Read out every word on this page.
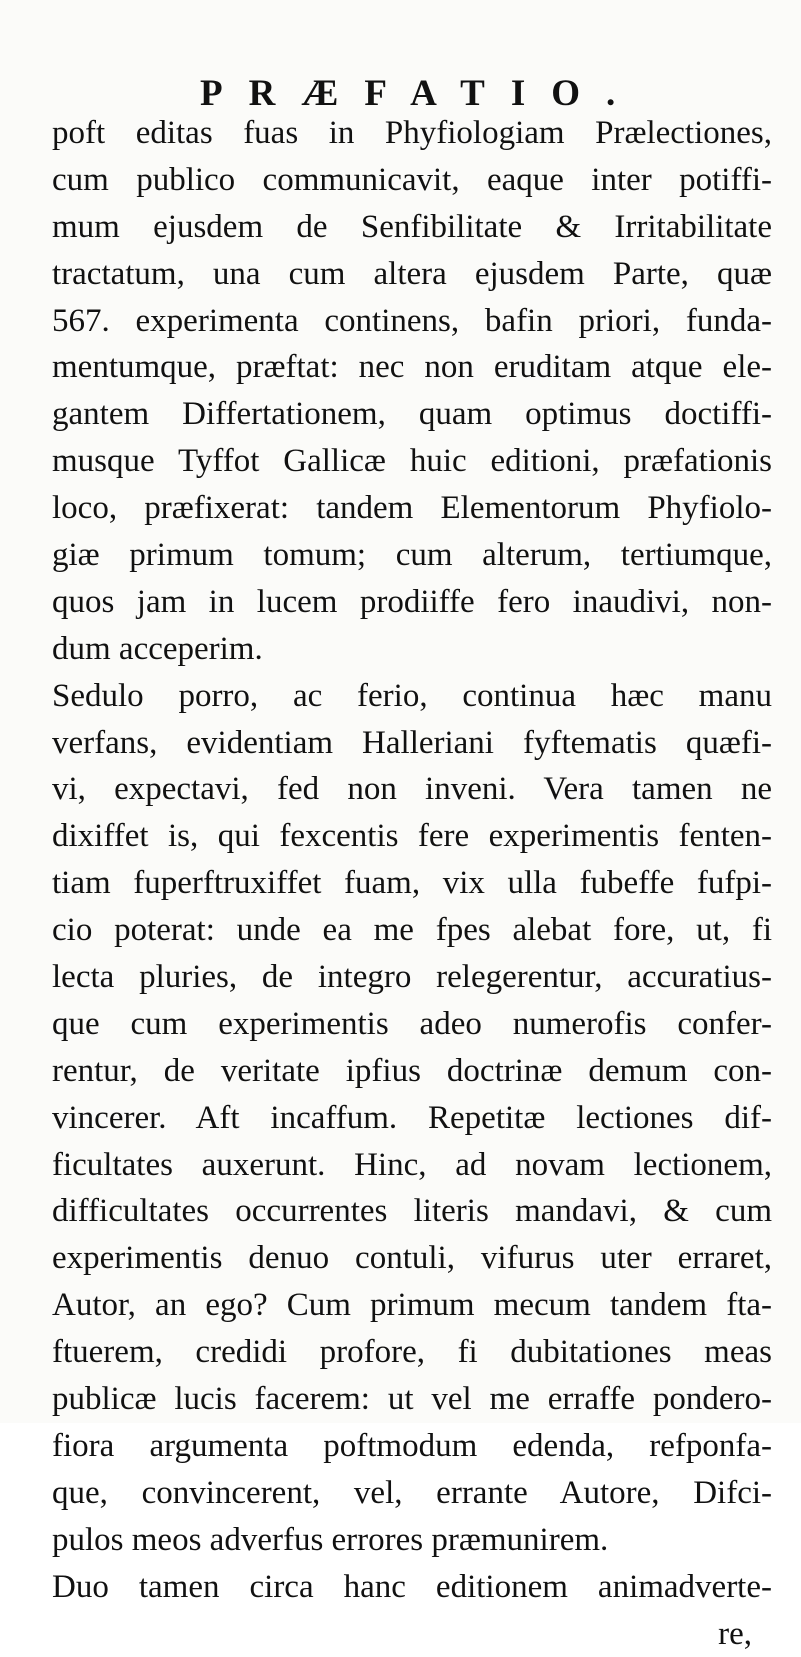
PRÆFATIO.
poft editas fuas in Phyfiologiam Prælectiones,
cum publico communicavit, eaque inter potiffi-
mum ejusdem de Senfibilitate & Irritabilitate
tractatum, una cum altera ejusdem Parte, quæ
567. experimenta continens, bafin priori, funda-
mentumque, præftat: nec non eruditam atque ele-
gantem Differtationem, quam optimus doctiffi-
musque Tyffot Gallicæ huic editioni, præfationis
loco, præfixerat: tandem Elementorum Phyfiolo-
giæ primum tomum; cum alterum, tertiumque,
quos jam in lucem prodiiffe fero inaudivi, non-
dum acceperim.
Sedulo porro, ac ferio, continua hæc manu
verfans, evidentiam Halleriani fyftematis quæfi-
vi, expectavi, fed non inveni. Vera tamen ne
dixiffet is, qui fexcentis fere experimentis fenten-
tiam fuperftruxiffet fuam, vix ulla fubeffe fufpi-
cio poterat: unde ea me fpes alebat fore, ut, fi
lecta pluries, de integro relegerentur, accuratius-
que cum experimentis adeo numerofis confer-
rentur, de veritate ipfius doctrinæ demum con-
vincerer. Aft incaffum. Repetitæ lectiones dif-
ficultates auxerunt. Hinc, ad novam lectionem,
difficultates occurrentes literis mandavi, & cum
experimentis denuo contuli, vifurus uter erraret,
Autor, an ego? Cum primum mecum tandem fta-
ftuerem, credidi profore, fi dubitationes meas
publicæ lucis facerem: ut vel me erraffe pondero-
fiora argumenta poftmodum edenda, refponfa-
que, convincerent, vel, errante Autore, Difci-
pulos meos adverfus errores præmunirem.
Duo tamen circa hanc editionem animadverte-
re,
